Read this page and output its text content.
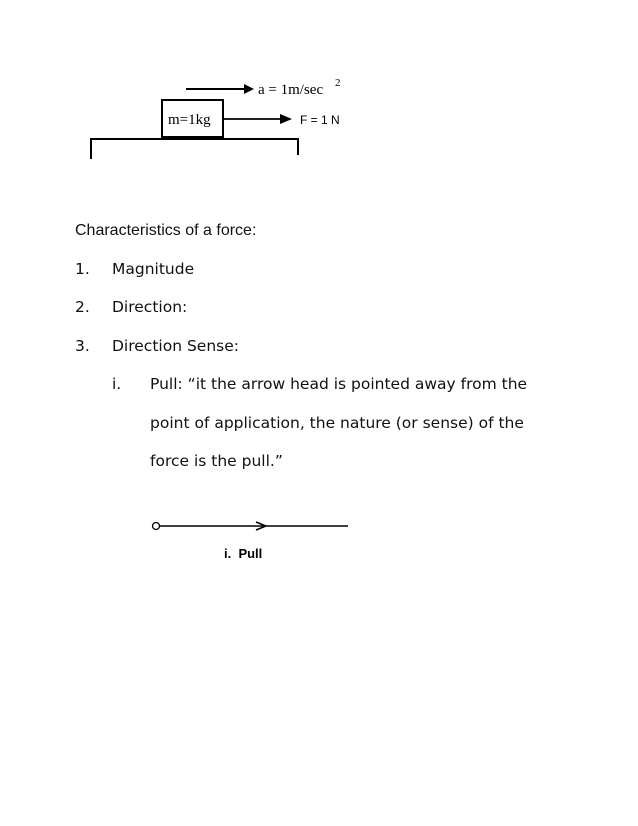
a = 1m/sec 2
m=1kg	F = 1 N
Characteristics of a force:
1. Magnitude
2. Direction:
3. Direction Sense:
i. Pull: “it the arrow head is pointed away from the
point of application, the nature (or sense) of the
force is the pull.”
i.  Pull
